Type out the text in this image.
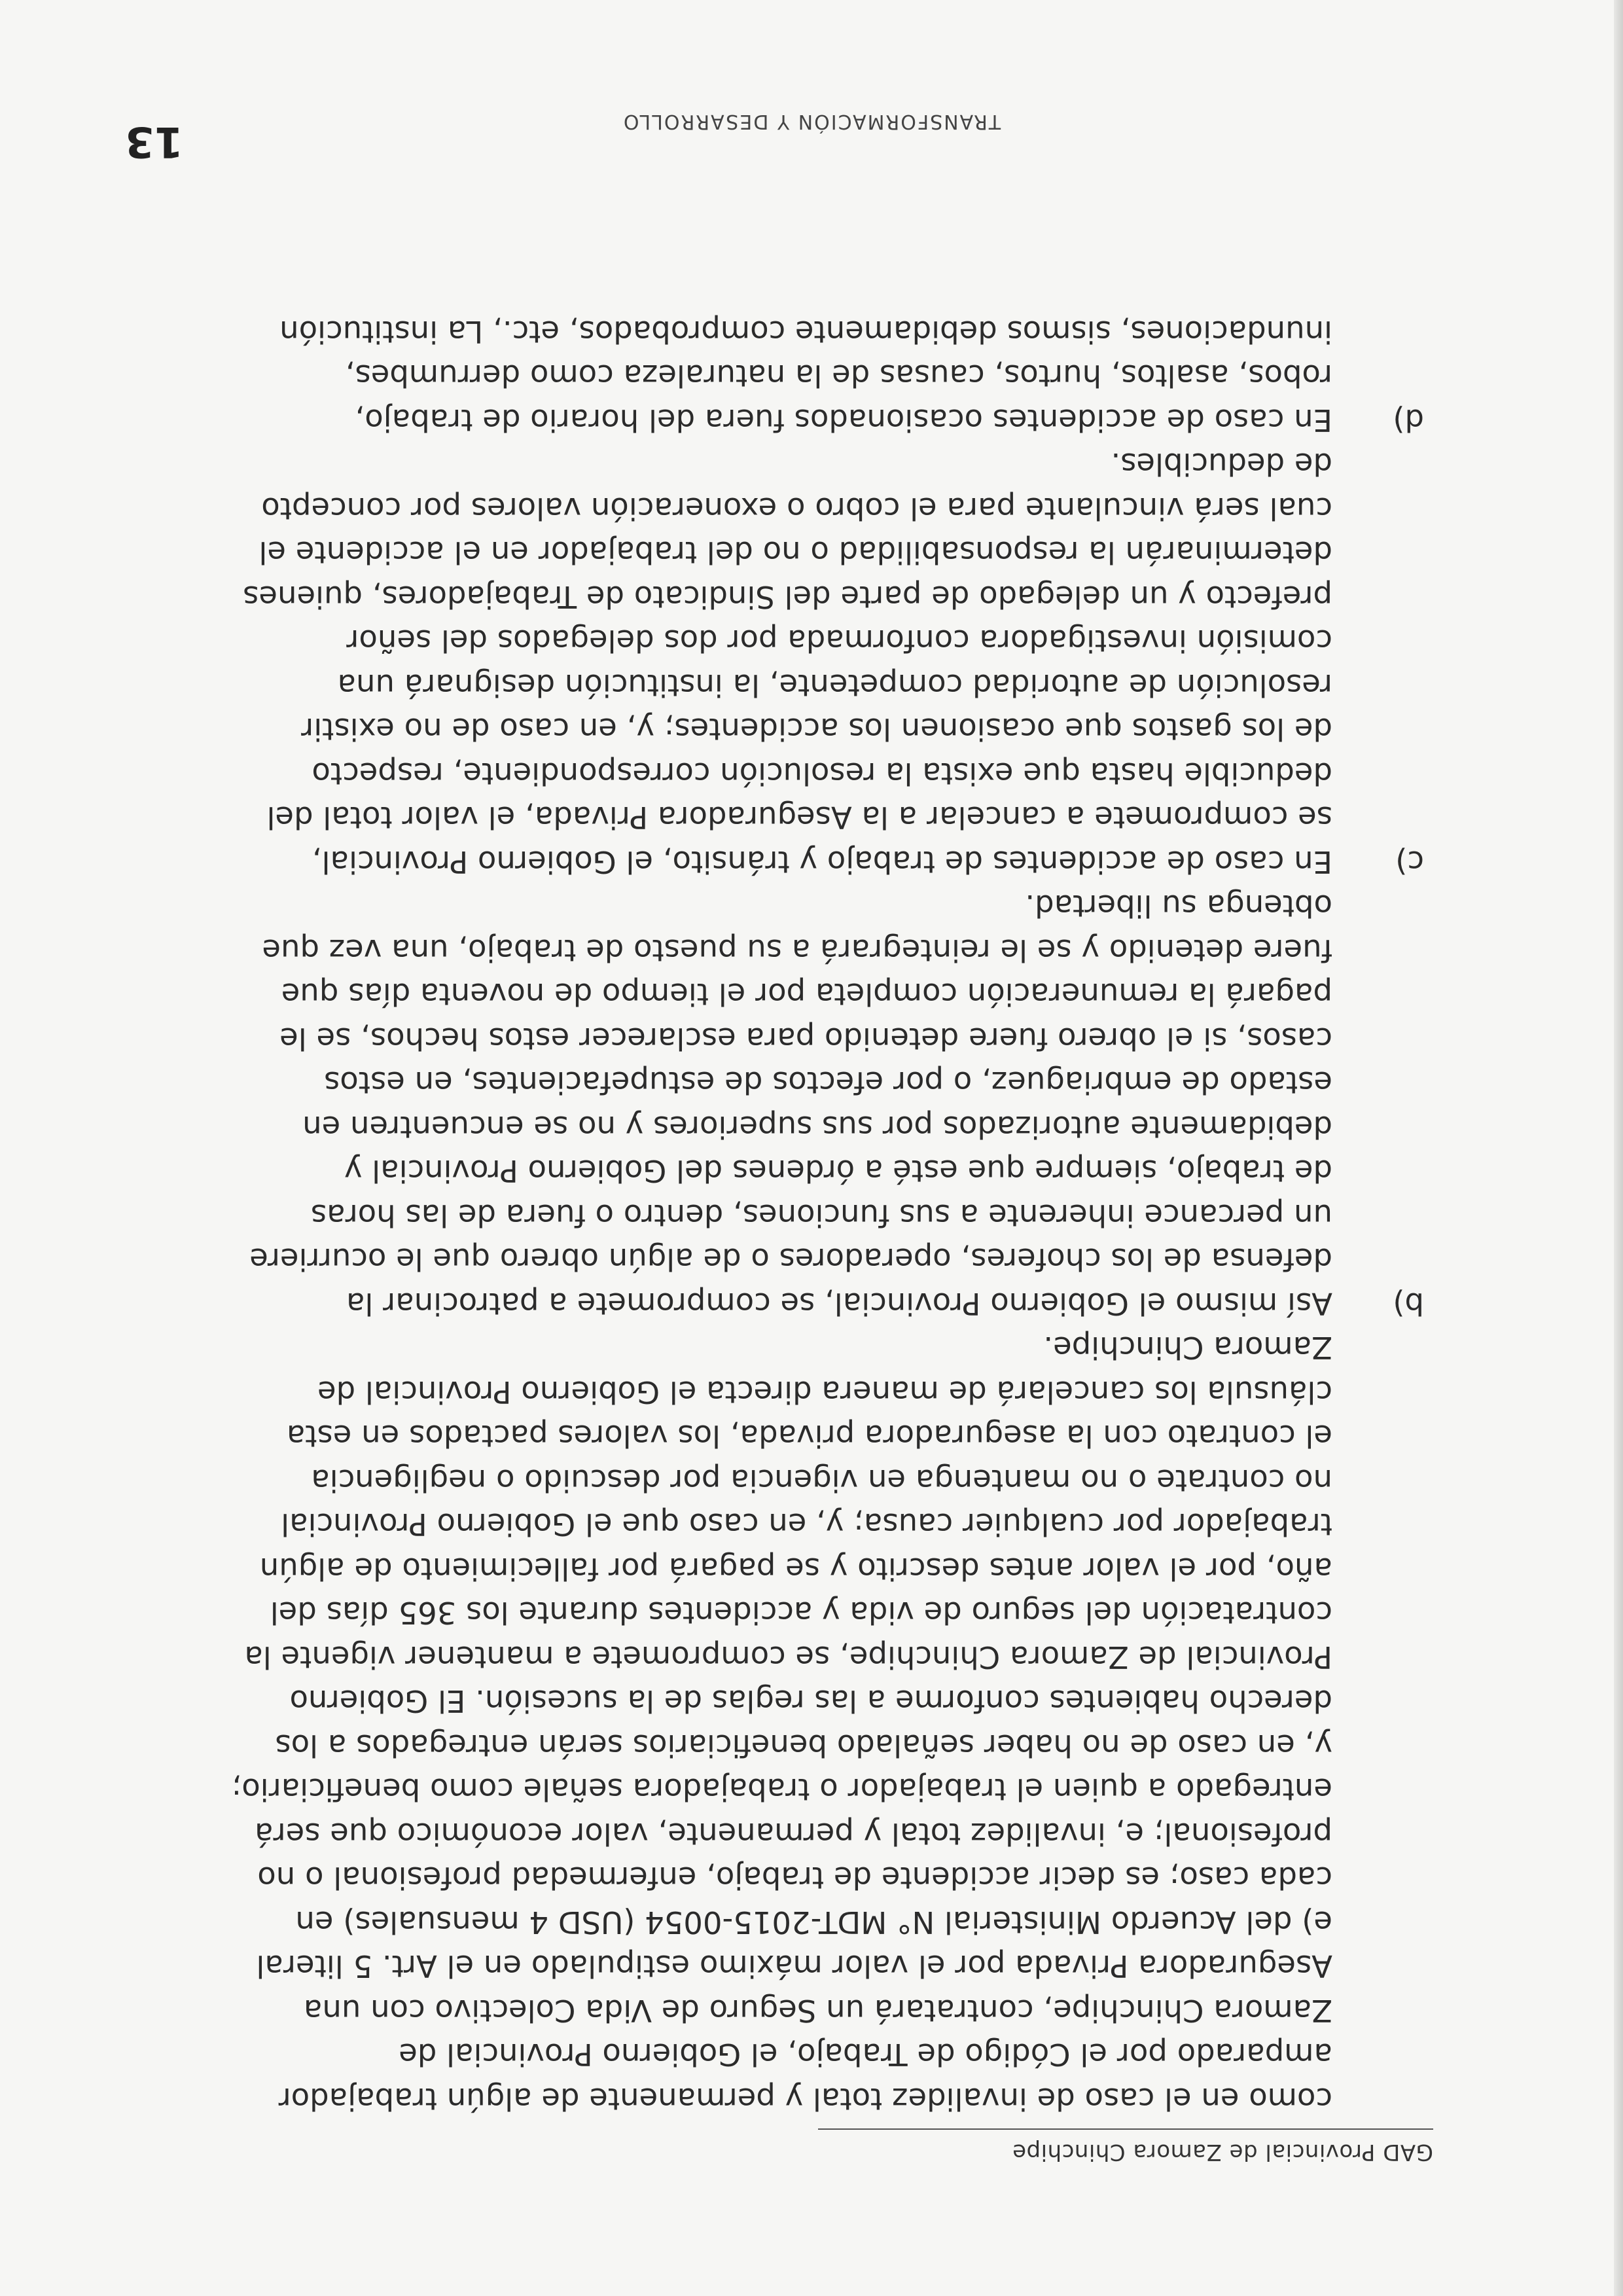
GAD Provincial de Zamora Chinchipe
como en el caso de invalidez total y permanente de algún trabajador
amparado por el Código de Trabajo, el Gobierno Provincial de
Zamora Chinchipe, contratará un Seguro de Vida Colectivo con una
Aseguradora Privada por el valor máximo estipulado en el Art. 5 literal
e) del Acuerdo Ministerial N° MDT-2015-0054 (USD 4 mensuales) en
cada caso; es decir accidente de trabajo, enfermedad profesional o no
profesional; e, invalidez total y permanente, valor económico que será
entregado a quien el trabajador o trabajadora señale como beneficiario;
y, en caso de no haber señalado beneficiarios serán entregados a los
derecho habientes conforme a las reglas de la sucesión. El Gobierno
Provincial de Zamora Chinchipe, se compromete a mantener vigente la
contratación del seguro de vida y accidentes durante los 365 días del
año, por el valor antes descrito y se pagará por fallecimiento de algún
trabajador por cualquier causa; y, en caso que el Gobierno Provincial
no contrate o no mantenga en vigencia por descuido o negligencia
el contrato con la aseguradora privada, los valores pactados en esta
cláusula los cancelará de manera directa el Gobierno Provincial de
Zamora Chinchipe.
b)
Así mismo el Gobierno Provincial, se compromete a patrocinar la
defensa de los choferes, operadores o de algún obrero que le ocurriere
un percance inherente a sus funciones, dentro o fuera de las horas
de trabajo, siempre que esté a órdenes del Gobierno Provincial y
debidamente autorizados por sus superiores y no se encuentren en
estado de embriaguez, o por efectos de estupefacientes, en estos
casos, si el obrero fuere detenido para esclarecer estos hechos, se le
pagará la remuneración completa por el tiempo de noventa días que
fuere detenido y se le reintegrará a su puesto de trabajo, una vez que
obtenga su libertad.
c)
En caso de accidentes de trabajo y tránsito, el Gobierno Provincial,
se compromete a cancelar a la Aseguradora Privada, el valor total del
deducible hasta que exista la resolución correspondiente, respecto
de los gastos que ocasionen los accidentes; y, en caso de no existir
resolución de autoridad competente, la institución designará una
comisión investigadora conformada por dos delegados del señor
prefecto y un delegado de parte del Sindicato de Trabajadores, quienes
determinarán la responsabilidad o no del trabajador en el accidente el
cual será vinculante para el cobro o exoneración valores por concepto
de deducibles.
d)
En caso de accidentes ocasionados fuera del horario de trabajo,
robos, asaltos, hurtos, causas de la naturaleza como derrumbes,
inundaciones, sismos debidamente comprobados, etc., La institución
TRANSFORMACIÓN Y DESARROLLO
13
